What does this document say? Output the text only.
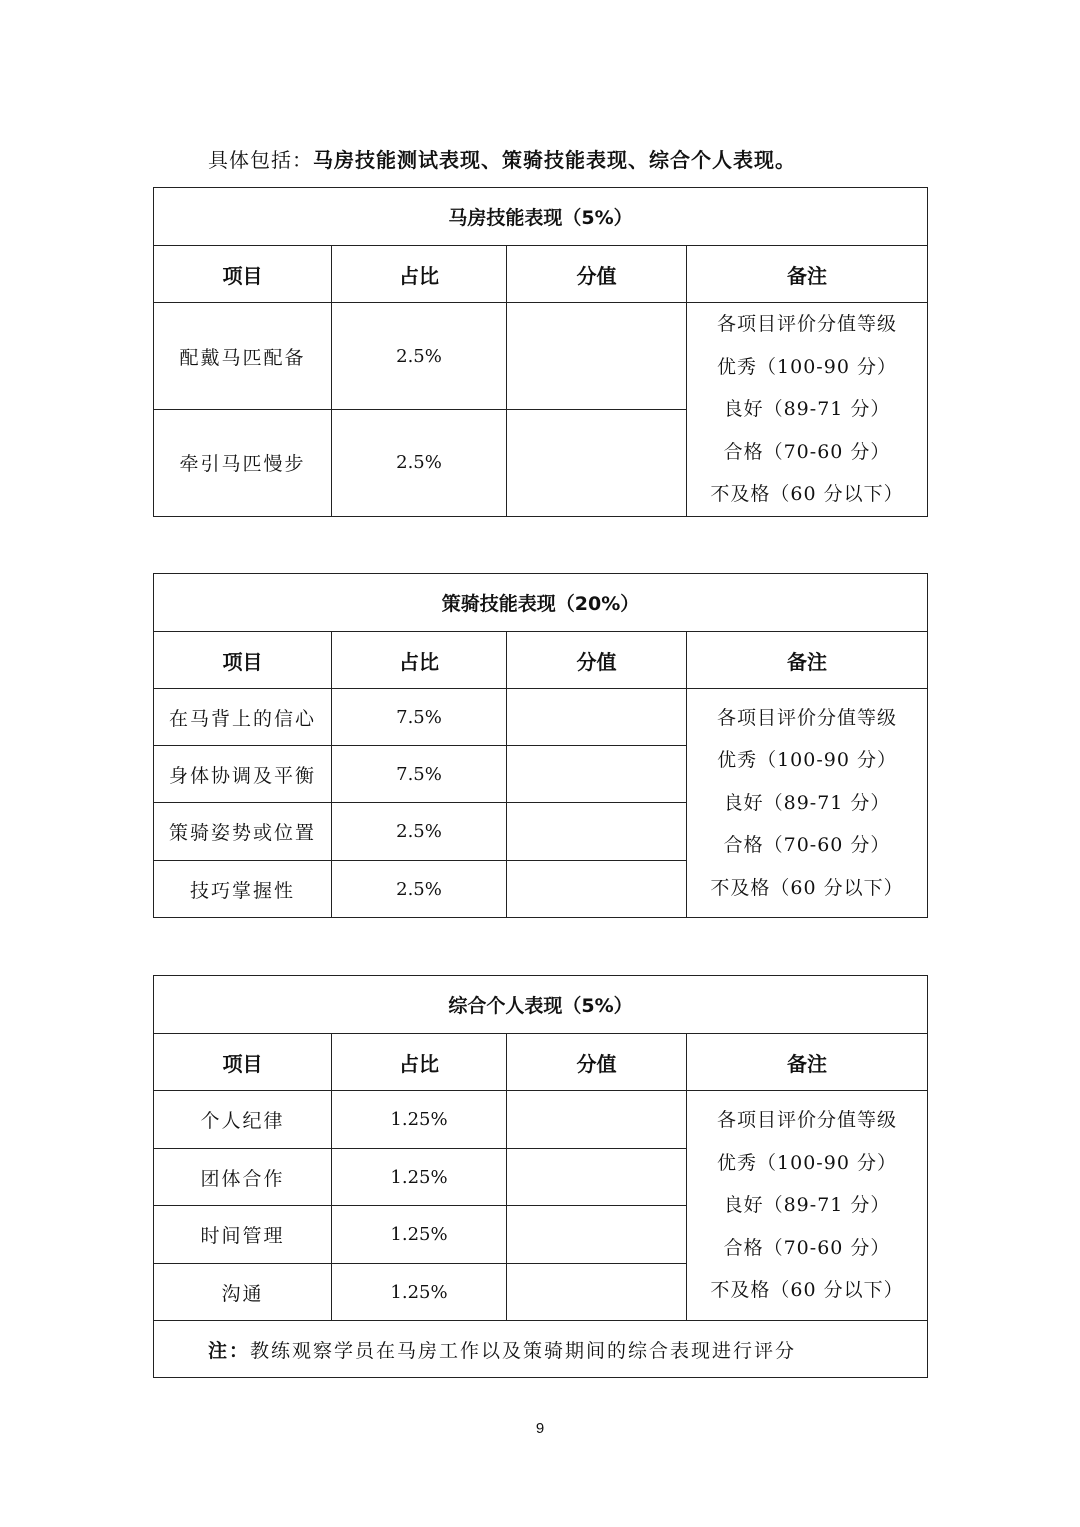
具体包括：马房技能测试表现、策骑技能表现、综合个人表现。
马房技能表现（5%）			
项目	占比	分值	备注
配戴马匹配备	2.5%		各项目评价分值等级
优秀（100-90 分）
良好（89-71 分）
合格（70-60 分）
不及格（60 分以下）

牵引马匹慢步	2.5%		
策骑技能表现（20%）			
项目	占比	分值	备注
在马背上的信心	7.5%		各项目评价分值等级
优秀（100-90 分）
良好（89-71 分）
合格（70-60 分）
不及格（60 分以下）

身体协调及平衡	7.5%		
策骑姿势或位置	2.5%		
技巧掌握性	2.5%		
综合个人表现（5%）			
项目	占比	分值	备注
个人纪律	1.25%		各项目评价分值等级
优秀（100-90 分）
良好（89-71 分）
合格（70-60 分）
不及格（60 分以下）

团体合作	1.25%		
时间管理	1.25%		
沟通	1.25%		
注：教练观察学员在马房工作以及策骑期间的综合表现进行评分			
9
